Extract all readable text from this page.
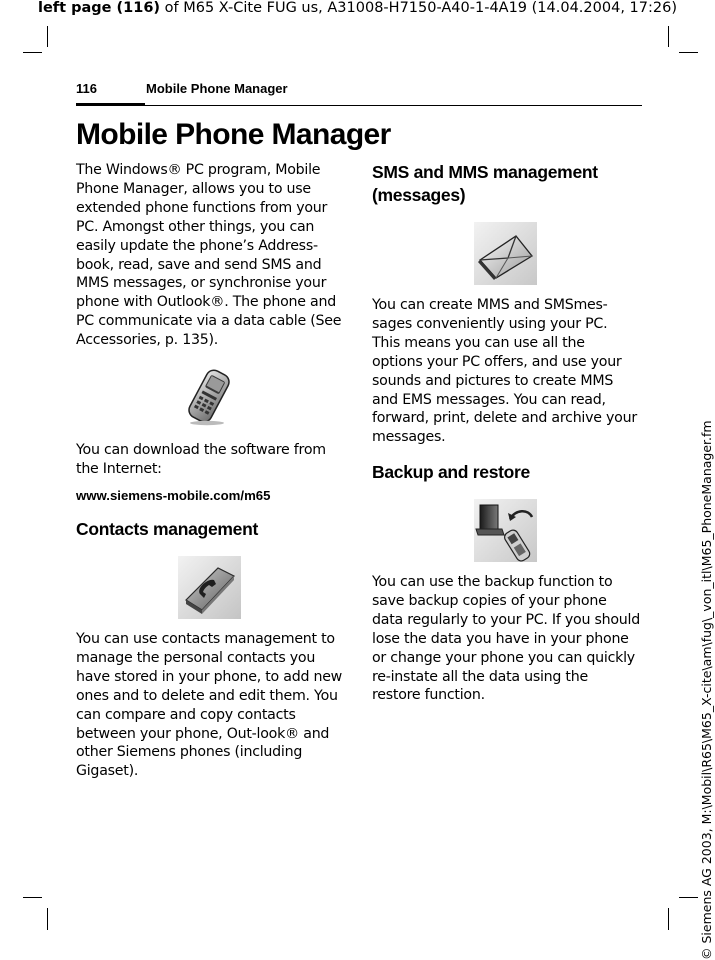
left page (116) of M65 X-Cite FUG us, A31008-H7150-A40-1-4A19 (14.04.2004, 17:26)
© Siemens AG 2003, M:\Mobil\R65\M65_X-cite\am\fug\_von_itl\M65_PhoneManager.fm
116	Mobile Phone Manager
Mobile Phone Manager

The Windows® PC program, Mobile Phone Manager, allows you to use extended phone functions from your PC. Amongst other things, you can easily update the phone’s Address-book, read, save and send SMS and MMS messages, or synchronise your phone with Outlook®. The phone and PC communicate via a data cable (See Accessories, p. 135).

You can download the software from the Internet:

www.siemens-mobile.com/m65
Contacts management

You can use contacts management to manage the personal contacts you have stored in your phone, to add new ones and to delete and edit them. You can compare and copy contacts between your phone, Out-look® and other Siemens phones (including Gigaset).

SMS and MMS management (messages)

You can create MMS and SMSmes-sages conveniently using your PC. This means you can use all the options your PC offers, and use your sounds and pictures to create MMS and EMS messages. You can read, forward, print, delete and archive your messages.

Backup and restore

You can use the backup function to save backup copies of your phone data regularly to your PC. If you should lose the data you have in your phone or change your phone you can quickly re-instate all the data using the restore function.
